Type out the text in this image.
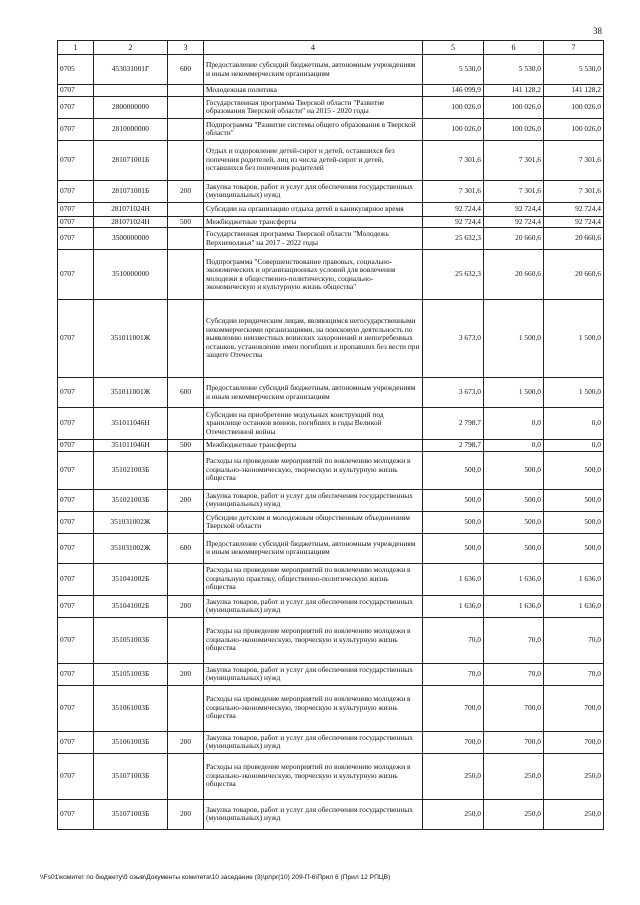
38
1	2	3	4	5	6	7
0705	453031001Г	600	Предоставление субсидий бюджетным, автономным учреждениям и иным некоммерческим организациям	5 530,0	5 530,0	5 530,0
0707			Молодежная политика	146 099,9	141 128,2	141 128,2
0707	2800000000		Государственная программа Тверской области "Развитие образования Тверской области" на 2015 - 2020 годы	100 026,0	100 026,0	100 026,0
0707	2810000000		Подпрограмма "Развитие системы общего образования в Тверской области"	100 026,0	100 026,0	100 026,0
0707	281071001Б		Отдых и оздоровление детей-сирот и детей, оставшихся без попечения родителей, лиц из числа детей-сирот и детей, оставшихся без попечения родителей	7 301,6	7 301,6	7 301,6
0707	281071001Б	200	Закупка товаров, работ и услуг для обеспечения государственных (муниципальных) нужд	7 301,6	7 301,6	7 301,6
0707	281071024Н		Субсидии на организацию отдыха детей в каникулярное время	92 724,4	92 724,4	92 724,4
0707	281071024Н	500	Межбюджетные трансферты	92 724,4	92 724,4	92 724,4
0707	3500000000		Государственная программа Тверской области "Молодежь Верхневолжья" на 2017 - 2022 годы	25 632,3	20 660,6	20 660,6
0707	3510000000		Подпрограмма "Совершенствование правовых, социально-экономических и организационных условий для вовлечения молодежи в общественно-политическую, социально-экономическую и культурную жизнь общества"	25 632,3	20 660,6	20 660,6
0707	351011001Ж		Субсидии юридическим лицам, являющимся негосударственными некоммерческими организациями, на поисковую деятельность по выявлению неизвестных воинских захоронений и непогребенных останков, установление имен погибших и пропавших без вести при защите Отечества	3 673,0	1 500,0	1 500,0
0707	351011001Ж	600	Предоставление субсидий бюджетным, автономным учреждениям и иным некоммерческим организациям	3 673,0	1 500,0	1 500,0
0707	351011046Н		Субсидии на приобретение модульных конструкций под хранилище останков воинов, погибших в годы Великой Отечественной войны	2 798,7	0,0	0,0
0707	351011046Н	500	Межбюджетные трансферты	2 798,7	0,0	0,0
0707	351021003Б		Расходы на проведение мероприятий по вовлечению молодежи в социально-экономическую, творческую и культурную жизнь общества	500,0	500,0	500,0
0707	351021003Б	200	Закупка товаров, работ и услуг для обеспечения государственных (муниципальных) нужд	500,0	500,0	500,0
0707	351031002Ж		Субсидии детским и молодежным общественным объединениям Тверской области	500,0	500,0	500,0
0707	351031002Ж	600	Предоставление субсидий бюджетным, автономным учреждениям и иным некоммерческим организациям	500,0	500,0	500,0
0707	351041002Б		Расходы на проведение мероприятий по вовлечению молодежи в социальную практику, общественно-политическую жизнь общества	1 636,0	1 636,0	1 636,0
0707	351041002Б	200	Закупка товаров, работ и услуг для обеспечения государственных (муниципальных) нужд	1 636,0	1 636,0	1 636,0
0707	351051003Б		Расходы на проведение мероприятий по вовлечению молодежи в социально-экономическую, творческую и культурную жизнь общества	70,0	70,0	70,0
0707	351051003Б	200	Закупка товаров, работ и услуг для обеспечения государственных (муниципальных) нужд	70,0	70,0	70,0
0707	351061003Б		Расходы на проведение мероприятий по вовлечению молодежи в социально-экономическую, творческую и культурную жизнь общества	700,0	700,0	700,0
0707	351061003Б	200	Закупка товаров, работ и услуг для обеспечения государственных (муниципальных) нужд	700,0	700,0	700,0
0707	351071003Б		Расходы на проведение мероприятий по вовлечению молодежи в социально-экономическую, творческую и культурную жизнь общества	250,0	250,0	250,0
0707	351071003Б	200	Закупка товаров, работ и услуг для обеспечения государственных (муниципальных) нужд	250,0	250,0	250,0
\\Fs01\комитет по бюджету\б озыв\Документы комитета\10 заседание (3)\pr\pr(10) 209-П-6\Прил 6 (Прил 12 РПЦВ)
